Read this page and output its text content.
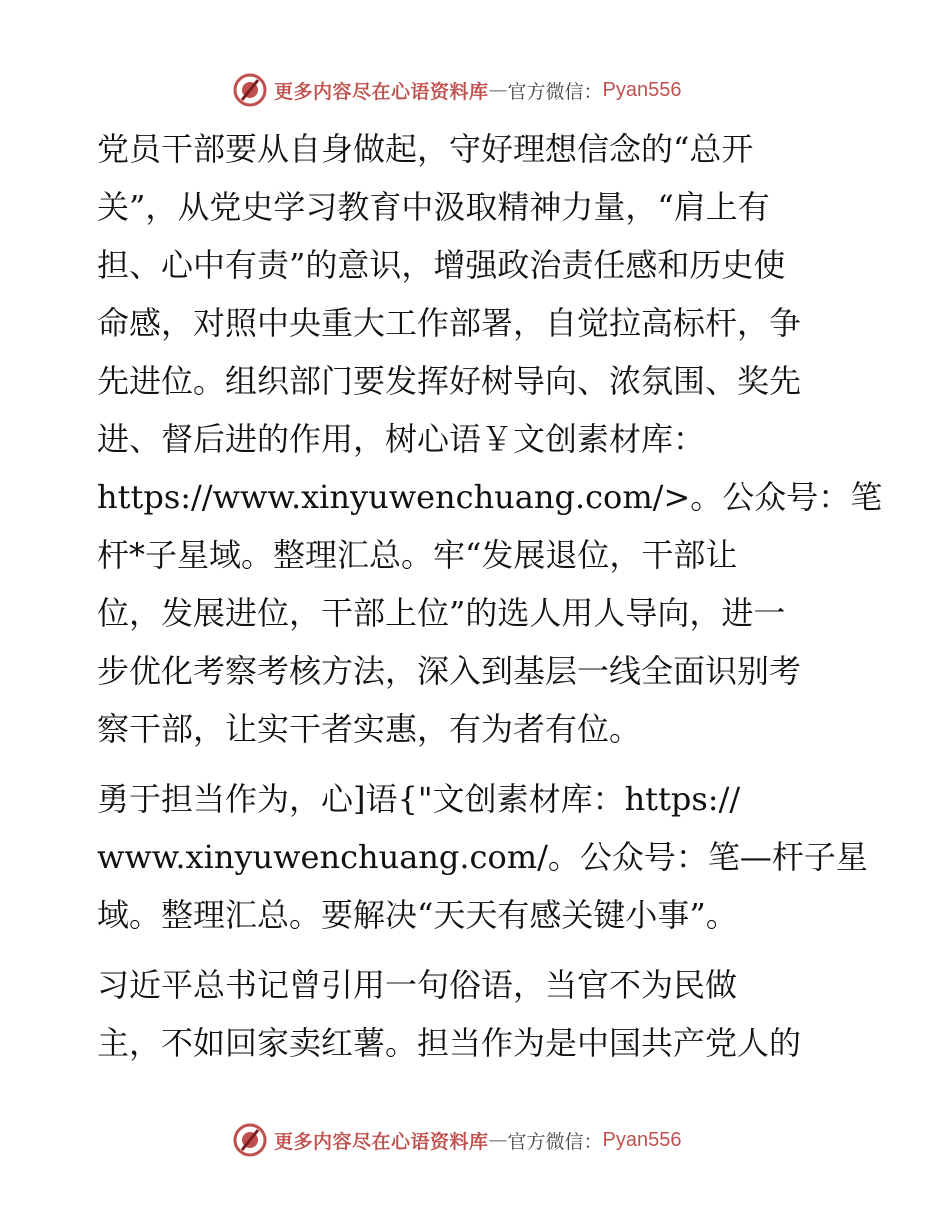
更多内容尽在心语资料库 — 官方微信： Pyan556

党员干部要从自身做起，守好理想信念的“总开
关”，从党史学习教育中汲取精神力量，“肩上有
担、心中有责”的意识，增强政治责任感和历史使
命感，对照中央重大工作部署，自觉拉高标杆，争
先进位。组织部门要发挥好树导向、浓氛围、奖先
进、督后进的作用，树心语￥文创素材库：
https://www.xinyuwenchuang.com/>。公众号：笔
杆*子星域。整理汇总。牢“发展退位，干部让
位，发展进位，干部上位”的选人用人导向，进一
步优化考察考核方法，深入到基层一线全面识别考
察干部，让实干者实惠，有为者有位。

勇于担当作为，心]语{"文创素材库：https://
www.xinyuwenchuang.com/。公众号：笔—杆子星
域。整理汇总。要解决“天天有感关键小事”。

习近平总书记曾引用一句俗语，当官不为民做
主，不如回家卖红薯。担当作为是中国共产党人的

更多内容尽在心语资料库 — 官方微信： Pyan556
